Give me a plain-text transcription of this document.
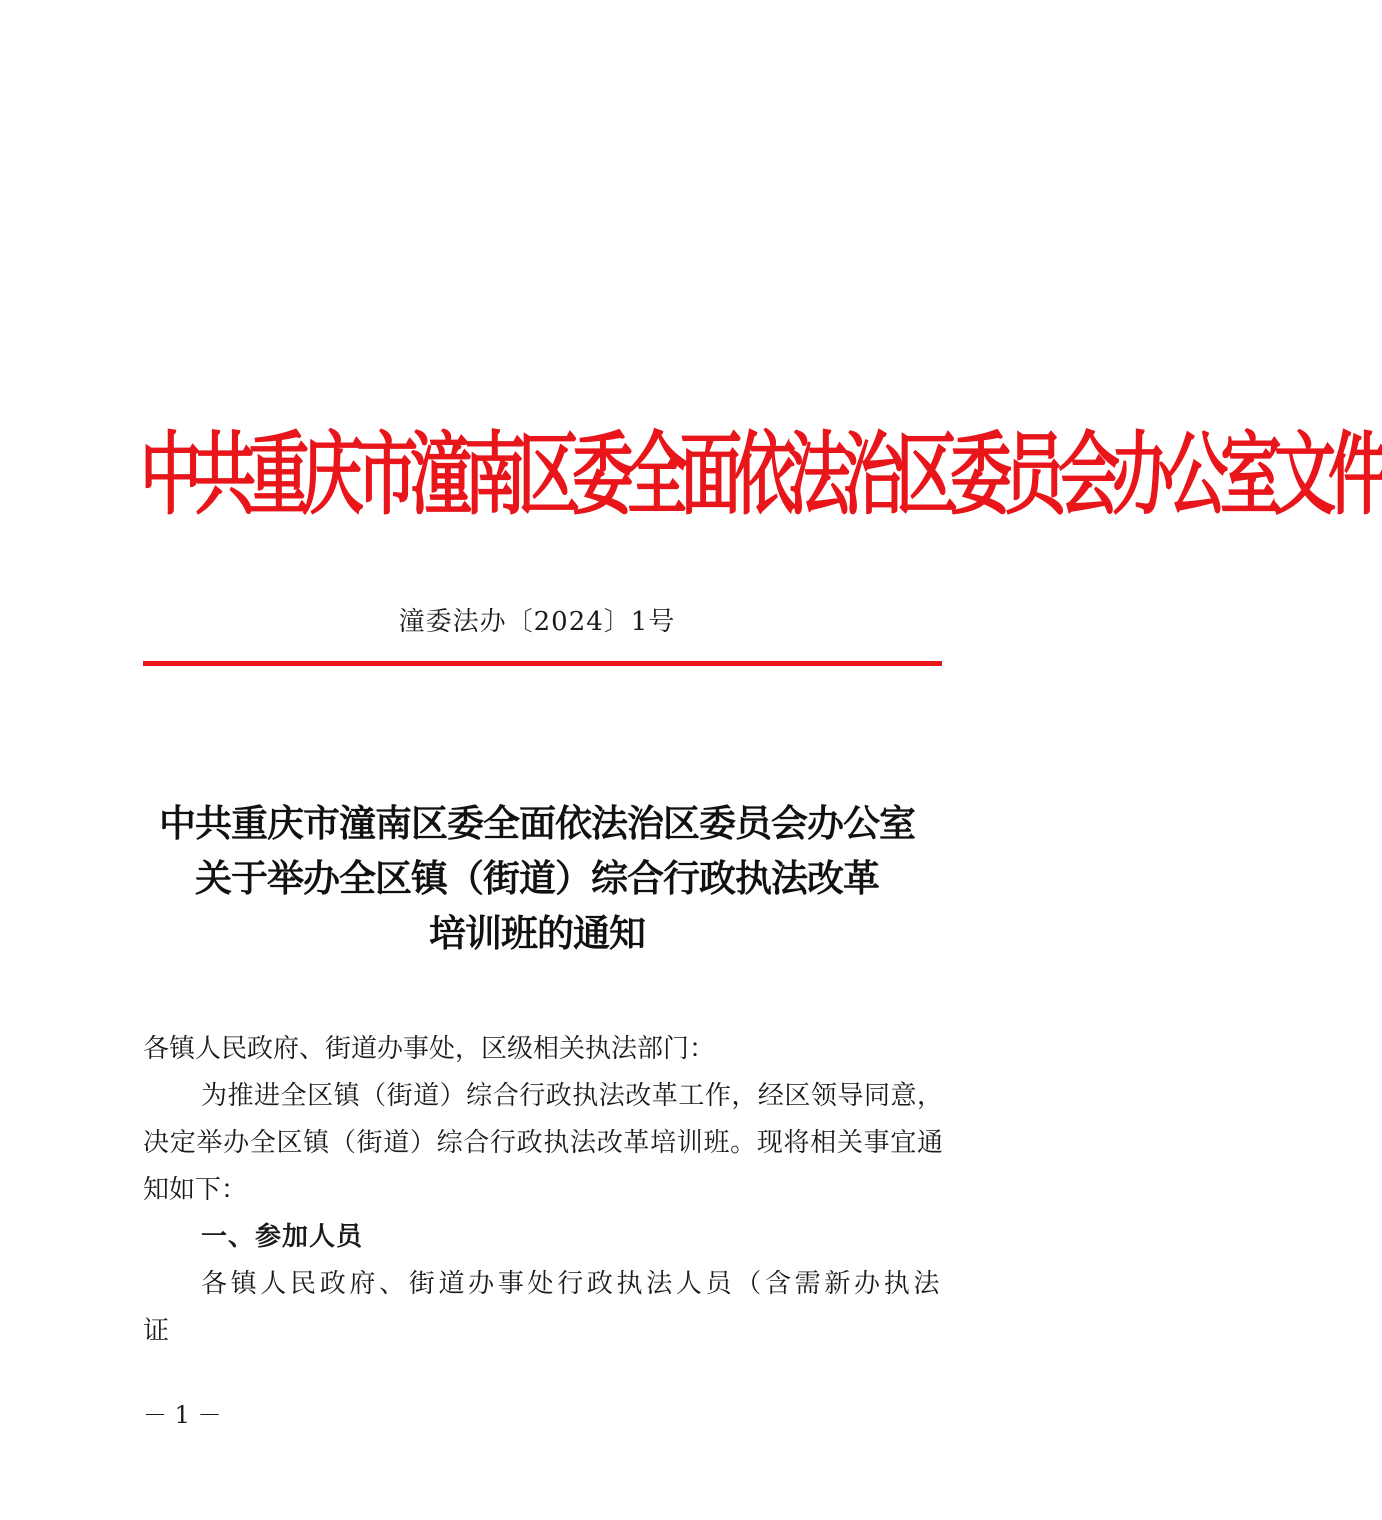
中共重庆市潼南区委全面依法治区委员会办公室文件
潼委法办〔2024〕1号
中共重庆市潼南区委全面依法治区委员会办公室
关于举办全区镇（街道）综合行政执法改革
培训班的通知

各镇人民政府、街道办事处，区级相关执法部门：

为推进全区镇（街道）综合行政执法改革工作，经区领导同意，决定举办全区镇（街道）综合行政执法改革培训班。现将相关事宜通知如下：

一、参加人员

各镇人民政府、街道办事处行政执法人员（含需新办执法证

－ 1 －
